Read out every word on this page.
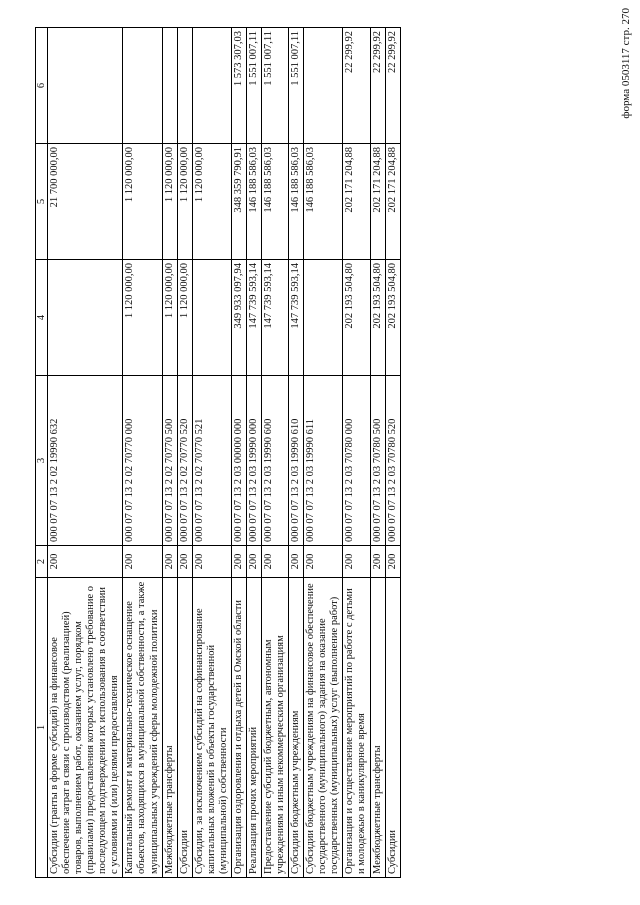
форма 0503117 стр. 270
1	2	3	4	5	6
Субсидии (гранты в форме субсидий) на финансовое обеспечение затрат в связи с производством (реализацией) товаров, выполнением работ, оказанием услуг, порядком (правилами) предоставления которых установлено требование о последующем подтверждении их использования в соответствии с условиями и (или) целями предоставления	200	000 07 07 13 2 02 19990 632		21 700 000,00	
Капитальный ремонт и материально-техническое оснащение объектов, находящихся в муниципальной собственности, а также муниципальных учреждений сферы молодежной политики	200	000 07 07 13 2 02 70770 000	1 120 000,00	1 120 000,00	
Межбюджетные трансферты	200	000 07 07 13 2 02 70770 500	1 120 000,00	1 120 000,00	
Субсидии	200	000 07 07 13 2 02 70770 520	1 120 000,00	1 120 000,00	
Субсидии, за исключением субсидий на софинансирование капитальных вложений в объекты государственной (муниципальной) собственности	200	000 07 07 13 2 02 70770 521		1 120 000,00	
Организация оздоровления и отдыха детей в Омской области	200	000 07 07 13 2 03 00000 000	349 933 097,94	348 359 790,91	1 573 307,03
Реализация прочих мероприятий	200	000 07 07 13 2 03 19990 000	147 739 593,14	146 188 586,03	1 551 007,11
Предоставление субсидий бюджетным, автономным учреждениям и иным некоммерческим организациям	200	000 07 07 13 2 03 19990 600	147 739 593,14	146 188 586,03	1 551 007,11
Субсидии бюджетным учреждениям	200	000 07 07 13 2 03 19990 610	147 739 593,14	146 188 586,03	1 551 007,11
Субсидии бюджетным учреждениям на финансовое обеспечение государственного (муниципального) задания на оказание государственных (муниципальных) услуг (выполнение работ)	200	000 07 07 13 2 03 19990 611		146 188 586,03	
Организация и осуществление мероприятий по работе с детьми и молодежью в каникулярное время	200	000 07 07 13 2 03 70780 000	202 193 504,80	202 171 204,88	22 299,92
Межбюджетные трансферты	200	000 07 07 13 2 03 70780 500	202 193 504,80	202 171 204,88	22 299,92
Субсидии	200	000 07 07 13 2 03 70780 520	202 193 504,80	202 171 204,88	22 299,92
